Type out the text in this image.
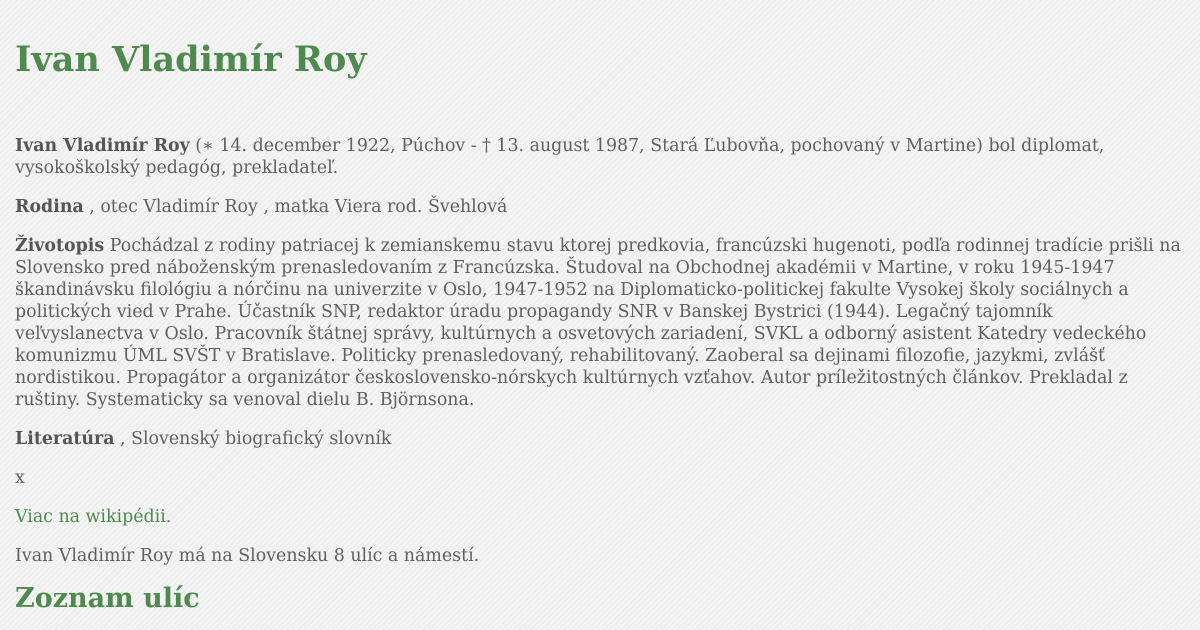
Ivan Vladimír Roy

Ivan Vladimír Roy (∗ 14. december 1922, Púchov - † 13. august 1987, Stará Ľubovňa, pochovaný v Martine) bol diplomat, vysokoškolský pedagóg, prekladateľ.

Rodina , otec Vladimír Roy , matka Viera rod. Švehlová

Životopis Pochádzal z rodiny patriacej k zemianskemu stavu ktorej predkovia, francúzski hugenoti, podľa rodinnej tradície prišli na Slovensko pred náboženským prenasledovaním z Francúzska. Študoval na Obchodnej akadémii v Martine, v roku 1945-1947 škandinávsku filológiu a nórčinu na univerzite v Oslo, 1947-1952 na Diplomaticko-politickej fakulte Vysokej školy sociálnych a politických vied v Prahe. Účastník SNP, redaktor úradu propagandy SNR v Banskej Bystrici (1944). Legačný tajomník veľvyslanectva v Oslo. Pracovník štátnej správy, kultúrnych a osvetových zariadení, SVKL a odborný asistent Katedry vedeckého komunizmu ÚML SVŠT v Bratislave. Politicky prenasledovaný, rehabilitovaný. Zaoberal sa dejinami filozofie, jazykmi, zvlášť nordistikou. Propagátor a organizátor československo-nórskych kultúrnych vzťahov. Autor príležitostných článkov. Prekladal z ruštiny. Systematicky sa venoval dielu B. Björnsona.

Literatúra , Slovenský biografický slovník

x

Viac na wikipédii.

Ivan Vladimír Roy má na Slovensku 8 ulíc a námestí.

Zoznam ulíc
